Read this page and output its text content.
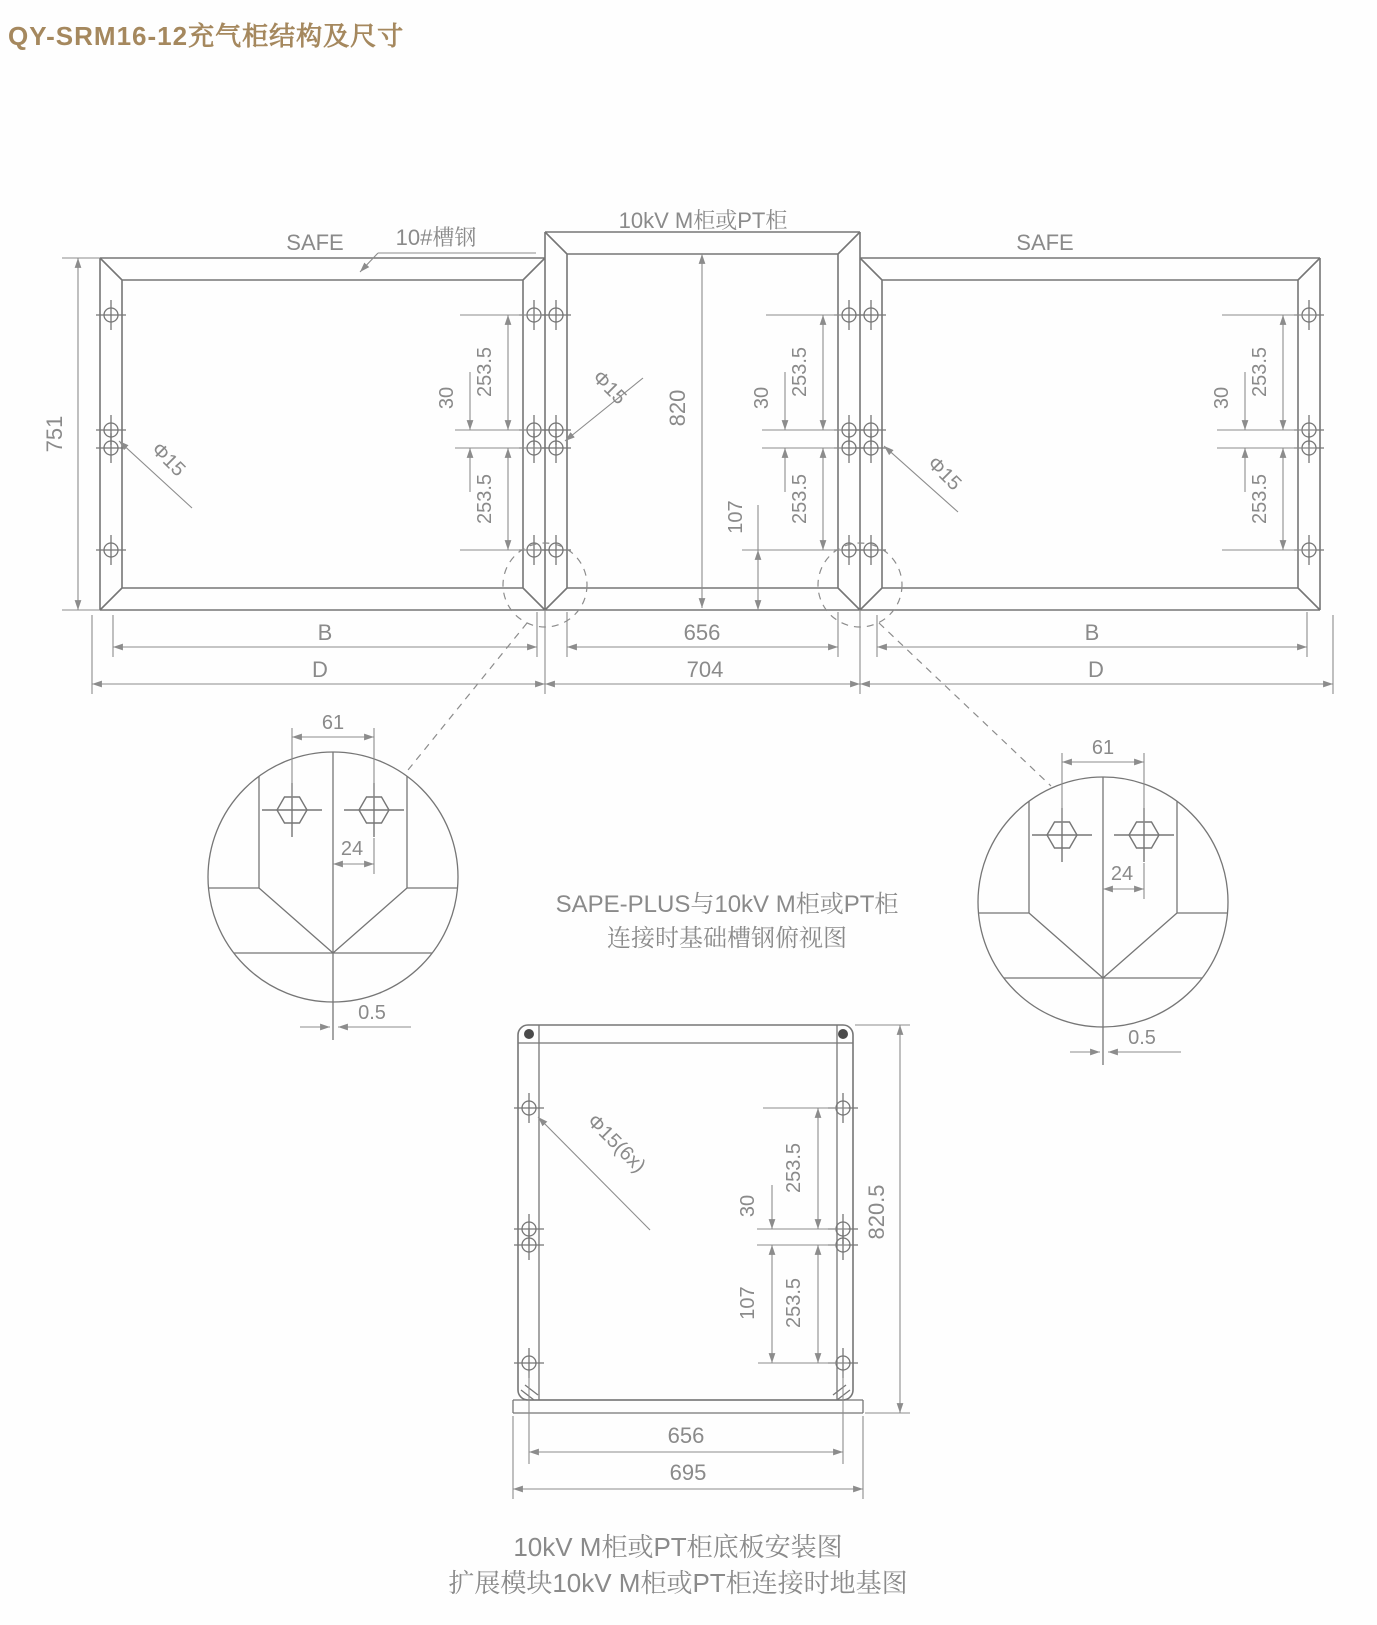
QY-SRM16-12充气柜结构及尺寸
SAFE
10kV M柜或PT柜
SAFE
10#槽钢
751
Φ15
Φ15
Φ15
253.5
30
253.5
253.5
30
253.5
107
820
253.5
30
253.5
B
D
656
704
B
D
61
24
0.5
61
24
0.5
SAPE-PLUS与10kV M柜或PT柜
连接时基础槽钢俯视图
Φ15(6x)	253.5
30
253.5
107
820.5
656
695
10kV M柜或PT柜底板安装图
扩展模块10kV M柜或PT柜连接时地基图
